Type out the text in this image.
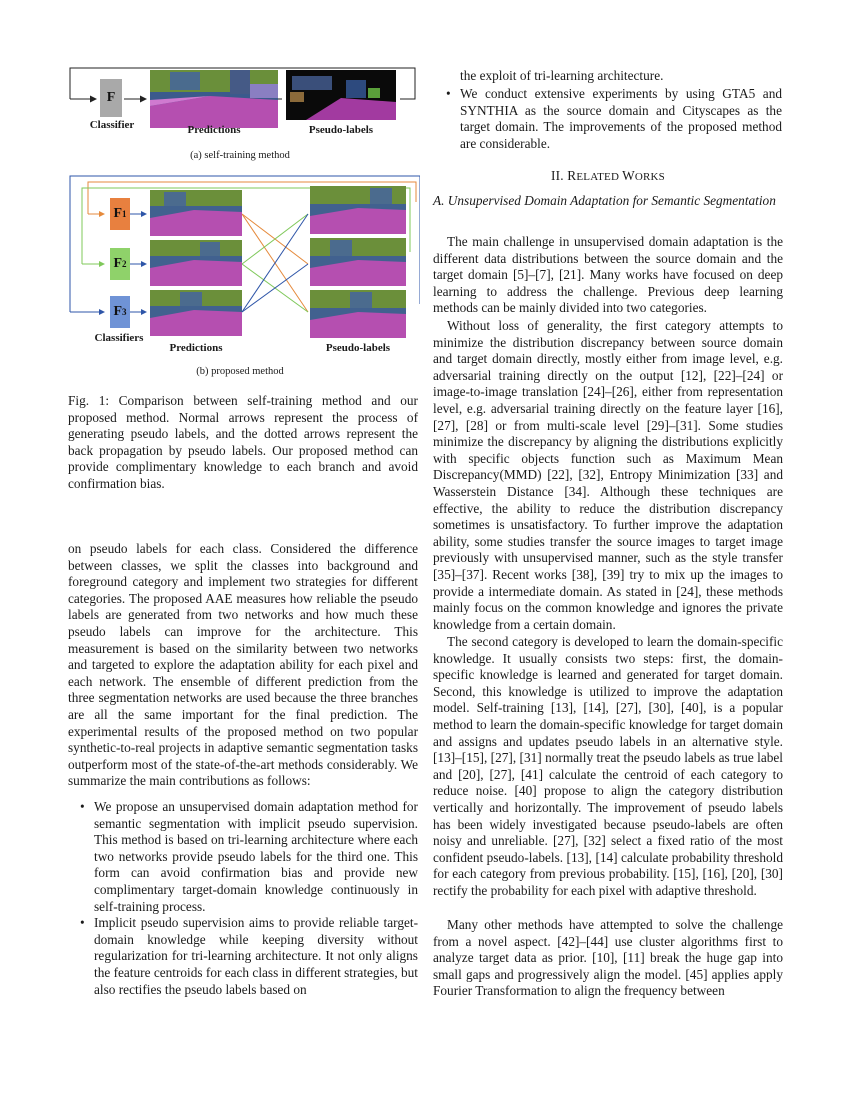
F
Classifier	Predictions	Pseudo-labels
(a) self-training method
F 1
F 2
F 3
Classifiers
Predictions	Pseudo-labels
(b) proposed method

Fig. 1: Comparison between self-training method and our proposed method. Normal arrows represent the process of generating pseudo labels, and the dotted arrows represent the back propagation by pseudo labels. Our proposed method can provide complimentary knowledge to each branch and avoid confirmation bias.

on pseudo labels for each class. Considered the difference between classes, we split the classes into background and foreground category and implement two strategies for different categories. The proposed AAE measures how reliable the pseudo labels are generated from two networks and how much these pseudo labels can improve for the architecture. This measurement is based on the similarity between two networks and targeted to explore the adaptation ability for each pixel and each network. The ensemble of different prediction from the three segmentation networks are used because the three branches are all the same important for the final prediction. The experimental results of the proposed method on two popular synthetic-to-real projects in adaptive semantic segmentation tasks outperform most of the state-of-the-art methods considerably. We summarize the main contributions as follows:

• We propose an unsupervised domain adaptation method for semantic segmentation with implicit pseudo supervision. This method is based on tri-learning architecture where each two networks provide pseudo labels for the third one. This form can avoid confirmation bias and provide new complimentary target-domain knowledge continuously in self-training process.
• Implicit pseudo supervision aims to provide reliable target-domain knowledge while keeping diversity without regularization for tri-learning architecture. It not only aligns the feature centroids for each class in different strategies, but also rectifies the pseudo labels based on

the exploit of tri-learning architecture.

• We conduct extensive experiments by using GTA5 and SYNTHIA as the source domain and Cityscapes as the target domain. The improvements of the proposed method are considerable.
II. RELATED WORKS

A. Unsupervised Domain Adaptation for Semantic Segmentation

The main challenge in unsupervised domain adaptation is the different data distributions between the source domain and the target domain [5]–[7], [21]. Many works have focused on deep learning to address the challenge. Previous deep learning methods can be mainly divided into two categories.

Without loss of generality, the first category attempts to minimize the distribution discrepancy between source domain and target domain directly, mostly either from image level, e.g. adversarial training directly on the output [12], [22]–[24] or image-to-image translation [24]–[26], either from representation level, e.g. adversarial training directly on the feature layer [16], [27], [28] or from multi-scale level [29]–[31]. Some studies minimize the discrepancy by aligning the distributions explicitly with specific objects function such as Maximum Mean Discrepancy(MMD) [22], [32], Entropy Minimization [33] and Wasserstein Distance [34]. Although these techniques are effective, the ability to reduce the distribution discrepancy sometimes is unsatisfactory. To further improve the adaptation ability, some studies transfer the source images to target image previously with unsupervised manner, such as the style transfer [35]–[37]. Recent works [38], [39] try to mix up the images to provide a intermediate domain. As stated in [24], these methods mainly focus on the common knowledge and ignores the private knowledge from a certain domain.

The second category is developed to learn the domain-specific knowledge. It usually consists two steps: first, the domain-specific knowledge is learned and generated for target domain. Second, this knowledge is utilized to improve the adaptation model. Self-training [13], [14], [27], [30], [40], is a popular method to learn the domain-specific knowledge for target domain and assigns and updates pseudo labels in an alternative style. [13]–[15], [27], [31] normally treat the pseudo labels as true label and [20], [27], [41] calculate the centroid of each category to reduce noise. [40] propose to align the category distribution vertically and horizontally. The improvement of pseudo labels has been widely investigated because pseudo-labels are often noisy and unreliable. [27], [32] select a fixed ratio of the most confident pseudo-labels. [13], [14] calculate probability threshold for each category from previous probability. [15], [16], [20], [30] rectify the probability for each pixel with adaptive threshold.

Many other methods have attempted to solve the challenge from a novel aspect. [42]–[44] use cluster algorithms first to analyze target data as prior. [10], [11] break the huge gap into small gaps and progressively align the model. [45] applies apply Fourier Transformation to align the frequency between
